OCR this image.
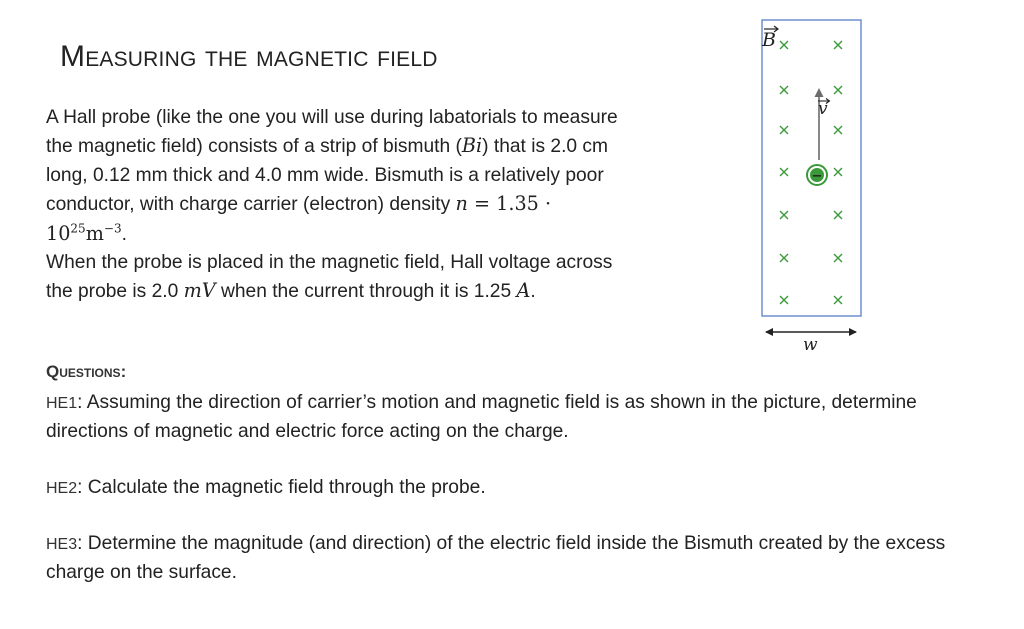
Measuring the magnetic field

A Hall probe (like the one you will use during labatorials to measure

the magnetic field) consists of a strip of bismuth (Bi) that is 2.0 cm

long, 0.12 mm thick and 4.0 mm wide. Bismuth is a relatively poor

conductor, with charge carrier (electron) density n = 1.35 ·

$10^{25}m^{-3}$.

When the probe is placed in the magnetic field, Hall voltage across

the probe is 2.0 mV when the current through it is 1.25 A.

Questions:

HE1: Assuming the direction of carrier’s motion and magnetic field is as shown in the picture, determine directions of magnetic and electric force acting on the charge.

HE2: Calculate the magnetic field through the probe.

HE3: Determine the magnitude (and direction) of the electric field inside the Bismuth created by the excess charge on the surface.

−
B
v
w
